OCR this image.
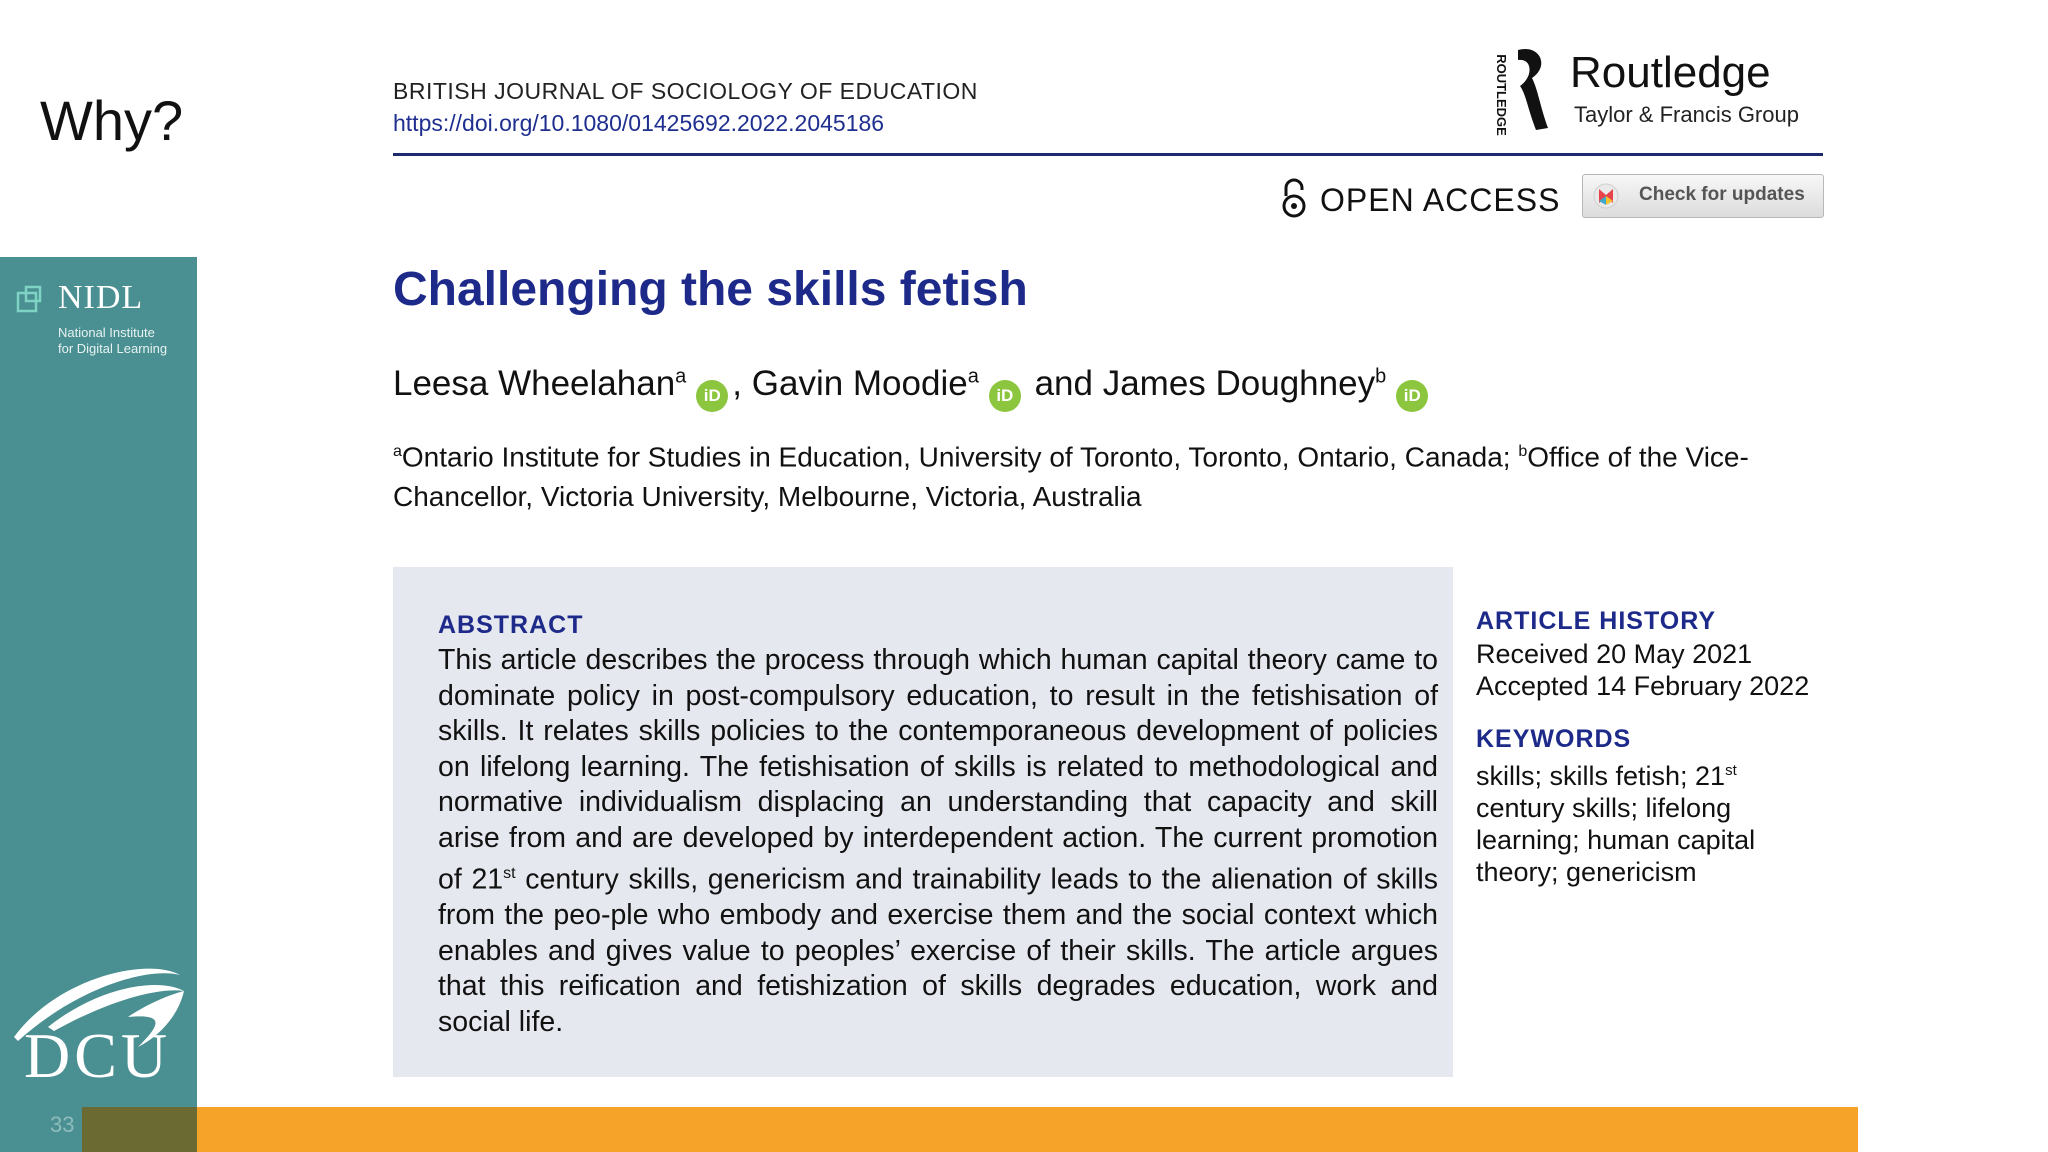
Why?
NIDL
National Institute
for Digital Learning
DCU
33
BRITISH JOURNAL OF SOCIOLOGY OF EDUCATION
https://doi.org/10.1080/01425692.2022.2045186	ROUTLEDGE Routledge
Taylor & Francis Group
OPEN ACCESS	Check for updates
Challenging the skills fetish
Leesa Wheelahan$^a$iD , Gavin Moodie$^a$iD and James Doughney$^b$iD
$^a$Ontario Institute for Studies in Education, University of Toronto, Toronto, Ontario, Canada; $^b$Office of the Vice-Chancellor, Victoria University, Melbourne, Victoria, Australia
ABSTRACT
This article describes the process through which human capital theory came to dominate policy in post-compulsory education, to result in the fetishisation of skills. It relates skills policies to the contemporaneous development of policies on lifelong learning. The fetishisation of skills is related to methodological and normative individualism displacing an understanding that capacity and skill arise from and are developed by interdependent action. The current promotion of 21st century skills, genericism and trainability leads to the alienation of skills from the peo-ple who embody and exercise them and the social context which enables and gives value to peoples’ exercise of their skills. The article argues that this reification and fetishization of skills degrades education, work and social life.
ARTICLE HISTORY
Received 20 May 2021
Accepted 14 February 2022
KEYWORDS
skills; skills fetish; 21st century skills; lifelong learning; human capital theory; genericism
